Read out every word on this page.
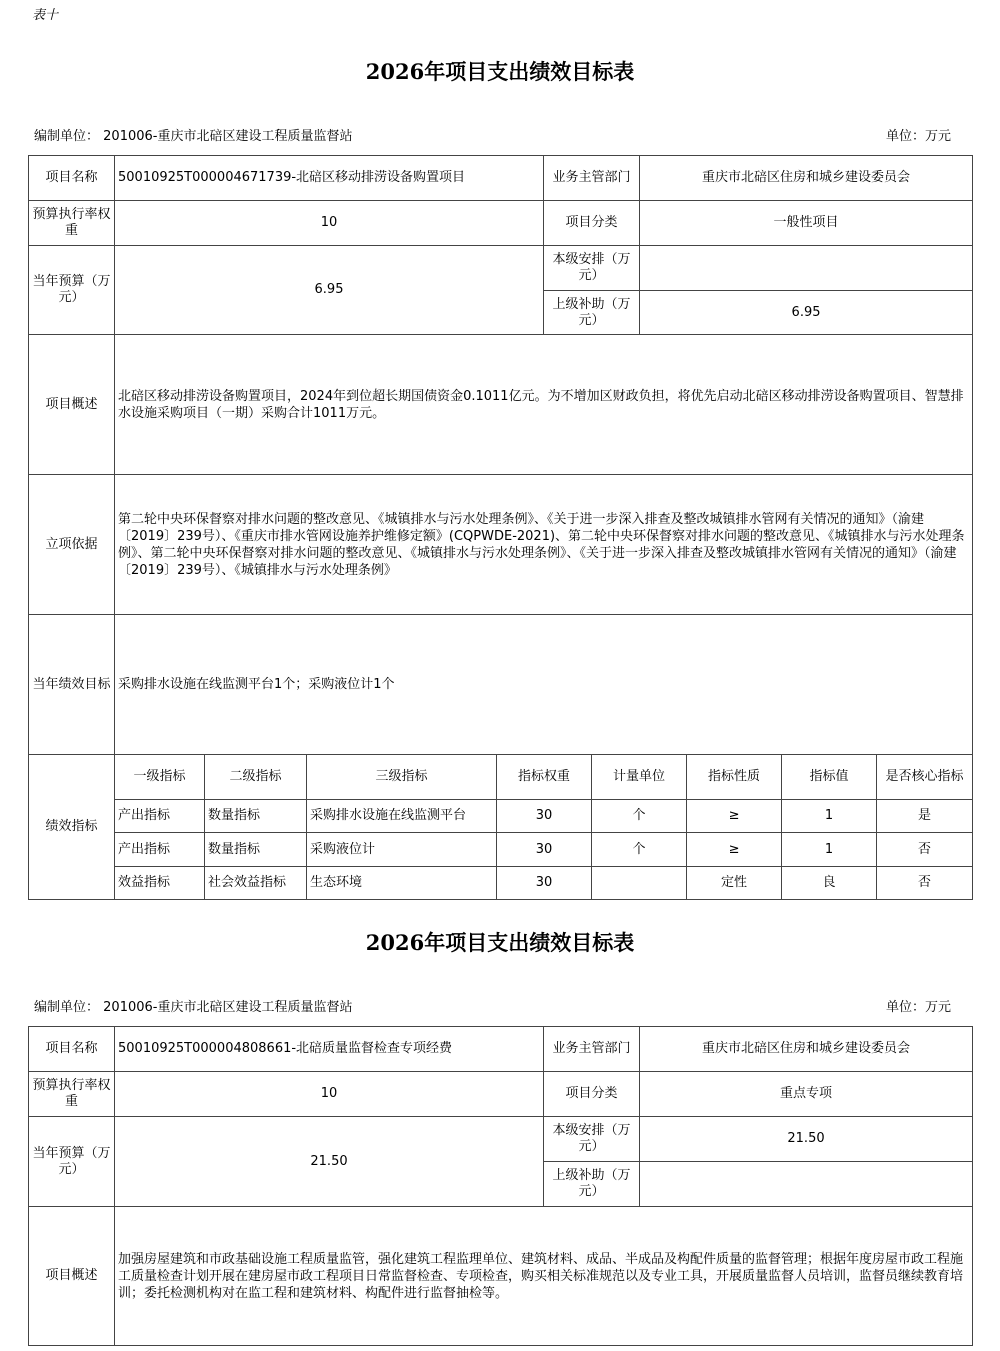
表十
2026年项目支出绩效目标表
编制单位： 201006-重庆市北碚区建设工程质量监督站	单位：万元
项目名称	50010925T000004671739-北碚区移动排涝设备购置项目				业务主管部门		重庆市北碚区住房和城乡建设委员会			
预算执行率权重	10				项目分类		一般性项目			
当年预算（万元）	6.95				本级安排（万元）					
					上级补助（万元）		6.95			
项目概述	北碚区移动排涝设备购置项目，2024年到位超长期国债资金0.1011亿元。为不增加区财政负担，将优先启动北碚区移动排涝设备购置项目、智慧排水设施采购项目（一期）采购合计1011万元。									
立项依据	第二轮中央环保督察对排水问题的整改意见、《城镇排水与污水处理条例》、《关于进一步深入排查及整改城镇排水管网有关情况的通知》（渝建〔2019〕239号）、《重庆市排水管网设施养护维修定额》(CQPWDE-2021)、第二轮中央环保督察对排水问题的整改意见、《城镇排水与污水处理条例》、第二轮中央环保督察对排水问题的整改意见、《城镇排水与污水处理条例》、《关于进一步深入排查及整改城镇排水管网有关情况的通知》（渝建〔2019〕239号）、《城镇排水与污水处理条例》									
当年绩效目标	采购排水设施在线监测平台1个；采购液位计1个									
绩效指标	一级指标	二级指标	三级指标	指标权重		计量单位		指标性质	指标值	是否核心指标
	产出指标	数量指标	采购排水设施在线监测平台	30		个		≥	1	是
	产出指标	数量指标	采购液位计	30		个		≥	1	否
	效益指标	社会效益指标	生态环境	30				定性	良	否
2026年项目支出绩效目标表
编制单位： 201006-重庆市北碚区建设工程质量监督站	单位：万元
项目名称	50010925T000004808661-北碚质量监督检查专项经费	业务主管部门	重庆市北碚区住房和城乡建设委员会
预算执行率权重	10	项目分类	重点专项
当年预算（万元）	21.50	本级安排（万元）	21.50
		上级补助（万元）	
项目概述	加强房屋建筑和市政基础设施工程质量监管，强化建筑工程监理单位、建筑材料、成品、半成品及构配件质量的监督管理；根据年度房屋市政工程施工质量检查计划开展在建房屋市政工程项目日常监督检查、专项检查，购买相关标准规范以及专业工具，开展质量监督人员培训，监督员继续教育培训；委托检测机构对在监工程和建筑材料、构配件进行监督抽检等。		
